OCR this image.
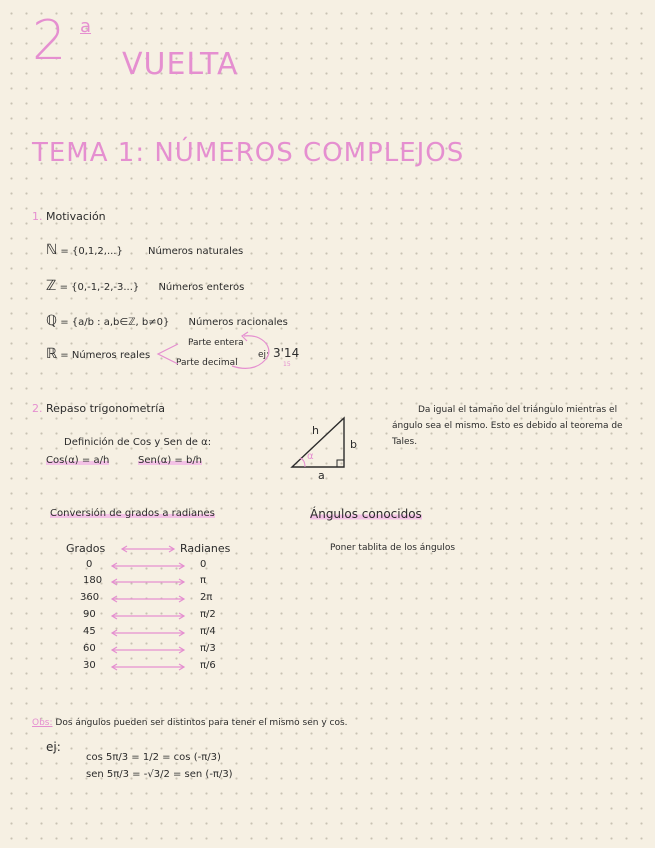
2 a
VUELTA
TEMA 1: NÚMEROS COMPLEJOS
1. Motivación
ℕ = {0,1,2,...}	Números naturales
ℤ = {0,-1,-2,-3...} Números enteros
ℚ = {a/b : a,b∈ℤ, b≠0} Números racionales
ℝ = Números reales
Parte entera
Parte decimal
ej: 3'14
15
2. Repaso trigonometría
Definición de Cos y Sen de α:
Cos(α) = a/h	Sen(α) = b/h
h
b
a
α
Da igual el tamaño del triángulo mientras el ángulo sea el mismo. Esto es debido al teorema de Tales.
Conversión de grados a radianes	Ángulos conocidos
Poner tablita de los ángulos
Grados	Radianes
0	0
180	π
360	2π
90	π/2
45	π/4
60	π/3
30	π/6
Obs: Dos ángulos pueden ser distintos para tener el mismo sen y cos.
ej:
cos 5π/3 = 1/2 = cos (-π/3)
sen 5π/3 = -√3/2 = sen (-π/3)
